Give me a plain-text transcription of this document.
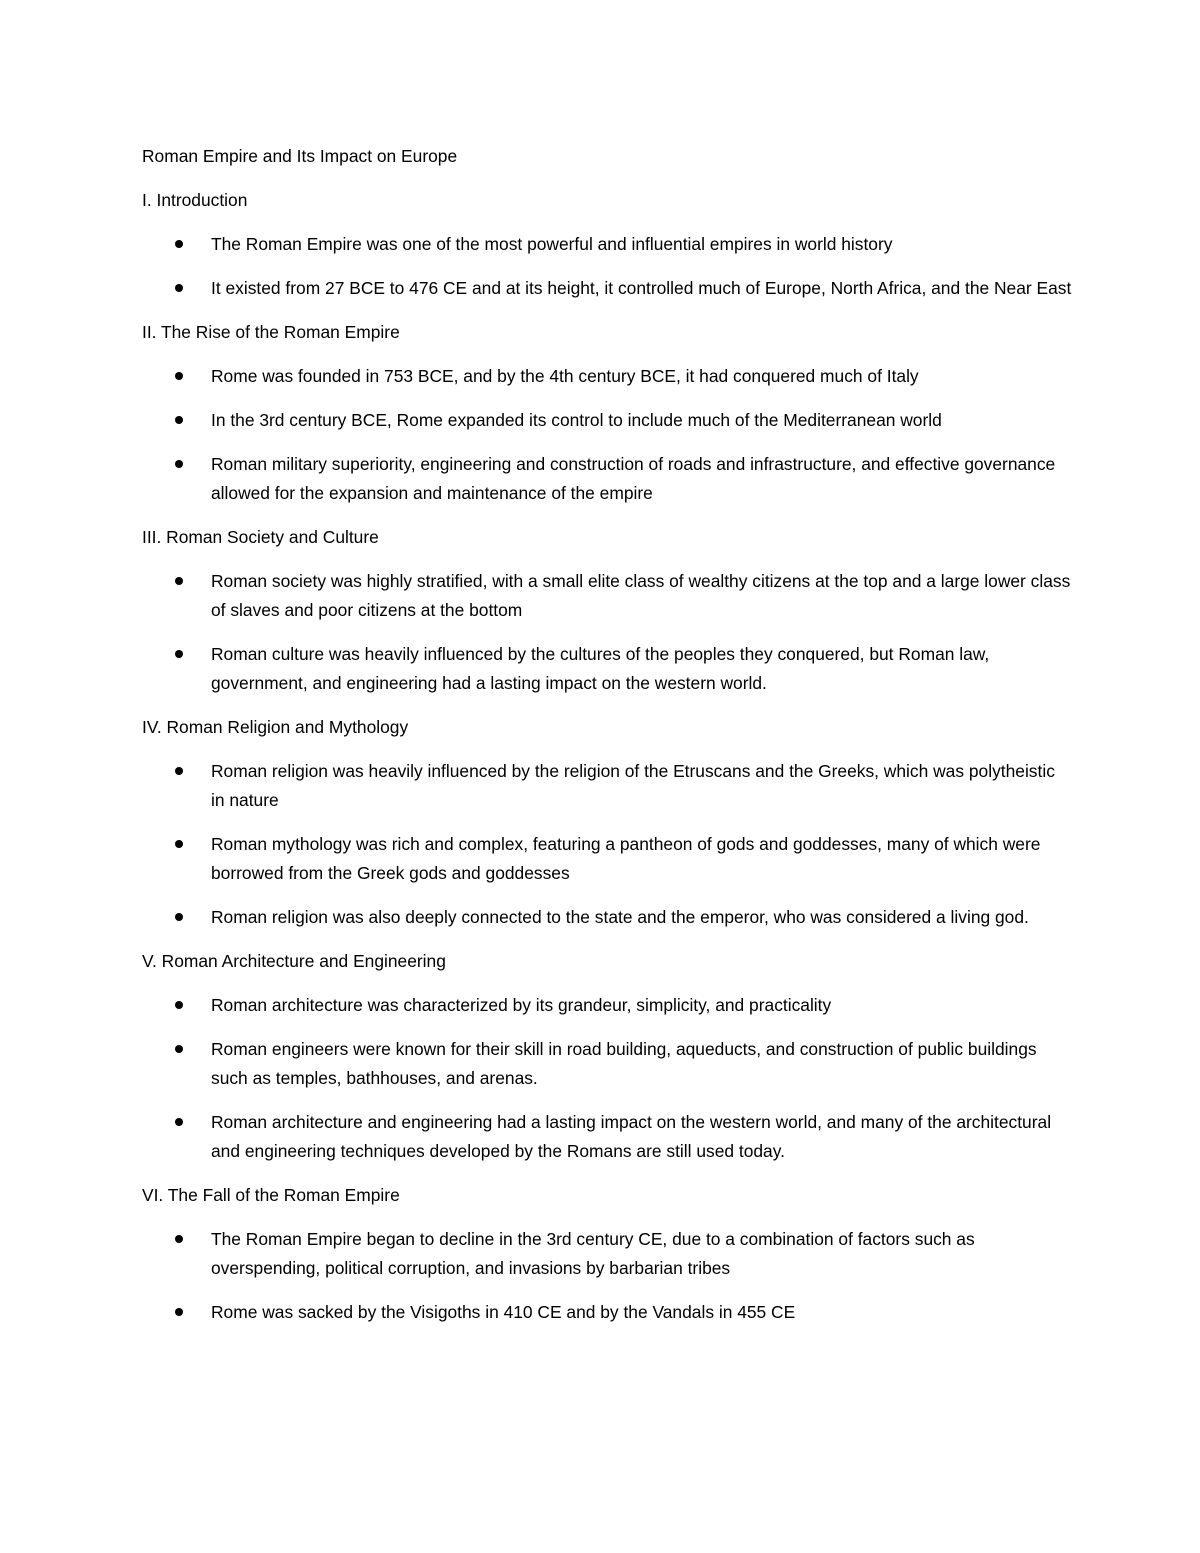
Roman Empire and Its Impact on Europe
I. Introduction
The Roman Empire was one of the most powerful and influential empires in world history
It existed from 27 BCE to 476 CE and at its height, it controlled much of Europe, North Africa, and the Near East
II. The Rise of the Roman Empire
Rome was founded in 753 BCE, and by the 4th century BCE, it had conquered much of Italy
In the 3rd century BCE, Rome expanded its control to include much of the Mediterranean world
Roman military superiority, engineering and construction of roads and infrastructure, and effective governance allowed for the expansion and maintenance of the empire
III. Roman Society and Culture
Roman society was highly stratified, with a small elite class of wealthy citizens at the top and a large lower class of slaves and poor citizens at the bottom
Roman culture was heavily influenced by the cultures of the peoples they conquered, but Roman law, government, and engineering had a lasting impact on the western world.
IV. Roman Religion and Mythology
Roman religion was heavily influenced by the religion of the Etruscans and the Greeks, which was polytheistic in nature
Roman mythology was rich and complex, featuring a pantheon of gods and goddesses, many of which were borrowed from the Greek gods and goddesses
Roman religion was also deeply connected to the state and the emperor, who was considered a living god.
V. Roman Architecture and Engineering
Roman architecture was characterized by its grandeur, simplicity, and practicality
Roman engineers were known for their skill in road building, aqueducts, and construction of public buildings such as temples, bathhouses, and arenas.
Roman architecture and engineering had a lasting impact on the western world, and many of the architectural and engineering techniques developed by the Romans are still used today.
VI. The Fall of the Roman Empire
The Roman Empire began to decline in the 3rd century CE, due to a combination of factors such as overspending, political corruption, and invasions by barbarian tribes
Rome was sacked by the Visigoths in 410 CE and by the Vandals in 455 CE
